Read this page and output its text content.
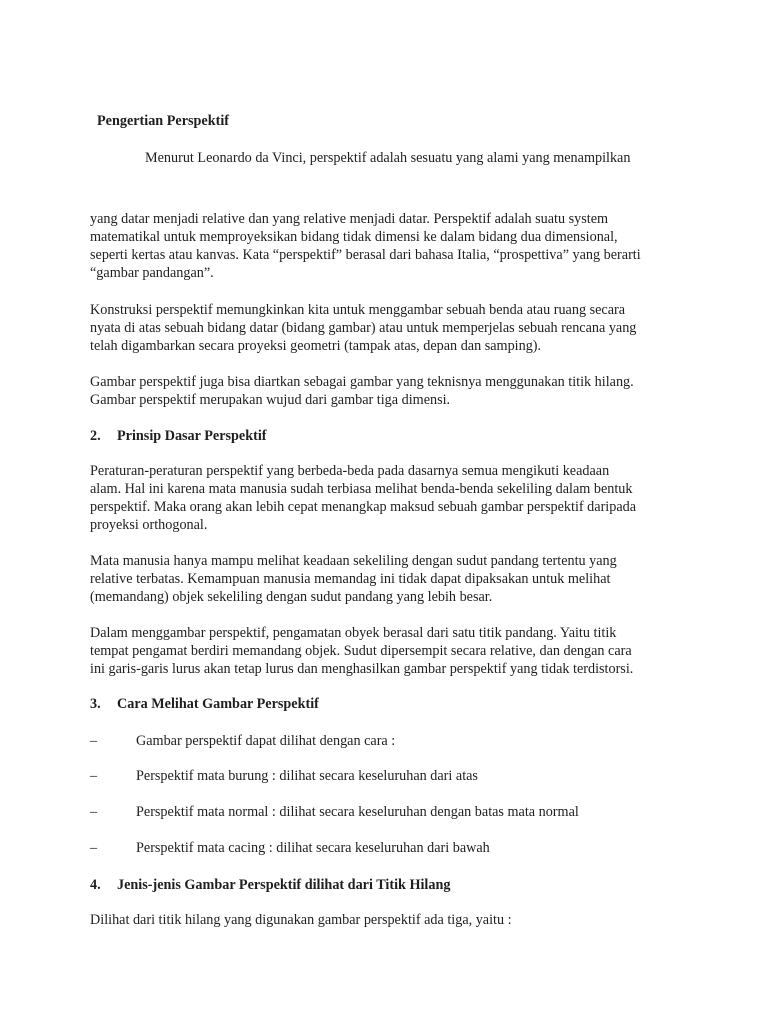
Pengertian Perspektif
Menurut Leonardo da Vinci, perspektif adalah sesuatu yang alami yang menampilkan
yang datar menjadi relative dan yang relative menjadi datar. Perspektif adalah suatu system
matematikal untuk memproyeksikan bidang tidak dimensi ke dalam bidang dua dimensional,
seperti kertas atau kanvas. Kata “perspektif” berasal dari bahasa Italia, “prospettiva” yang berarti
“gambar pandangan”.
Konstruksi perspektif memungkinkan kita untuk menggambar sebuah benda atau ruang secara
nyata di atas sebuah bidang datar (bidang gambar) atau untuk memperjelas sebuah rencana yang
telah digambarkan secara proyeksi geometri (tampak atas, depan dan samping).
Gambar perspektif juga bisa diartkan sebagai gambar yang teknisnya menggunakan titik hilang.
Gambar perspektif merupakan wujud dari gambar tiga dimensi.
2. Prinsip Dasar Perspektif
Peraturan-peraturan perspektif yang berbeda-beda pada dasarnya semua mengikuti keadaan
alam. Hal ini karena mata manusia sudah terbiasa melihat benda-benda sekeliling dalam bentuk
perspektif. Maka orang akan lebih cepat menangkap maksud sebuah gambar perspektif daripada
proyeksi orthogonal.
Mata manusia hanya mampu melihat keadaan sekeliling dengan sudut pandang tertentu yang
relative terbatas. Kemampuan manusia memandag ini tidak dapat dipaksakan untuk melihat
(memandang) objek sekeliling dengan sudut pandang yang lebih besar.
Dalam menggambar perspektif, pengamatan obyek berasal dari satu titik pandang. Yaitu titik
tempat pengamat berdiri memandang objek. Sudut dipersempit secara relative, dan dengan cara
ini garis-garis lurus akan tetap lurus dan menghasilkan gambar perspektif yang tidak terdistorsi.
3. Cara Melihat Gambar Perspektif
–	Gambar perspektif dapat dilihat dengan cara :
–	Perspektif mata burung : dilihat secara keseluruhan dari atas
–	Perspektif mata normal : dilihat secara keseluruhan dengan batas mata normal
–	Perspektif mata cacing : dilihat secara keseluruhan dari bawah
4. Jenis-jenis Gambar Perspektif dilihat dari Titik Hilang
Dilihat dari titik hilang yang digunakan gambar perspektif ada tiga, yaitu :
